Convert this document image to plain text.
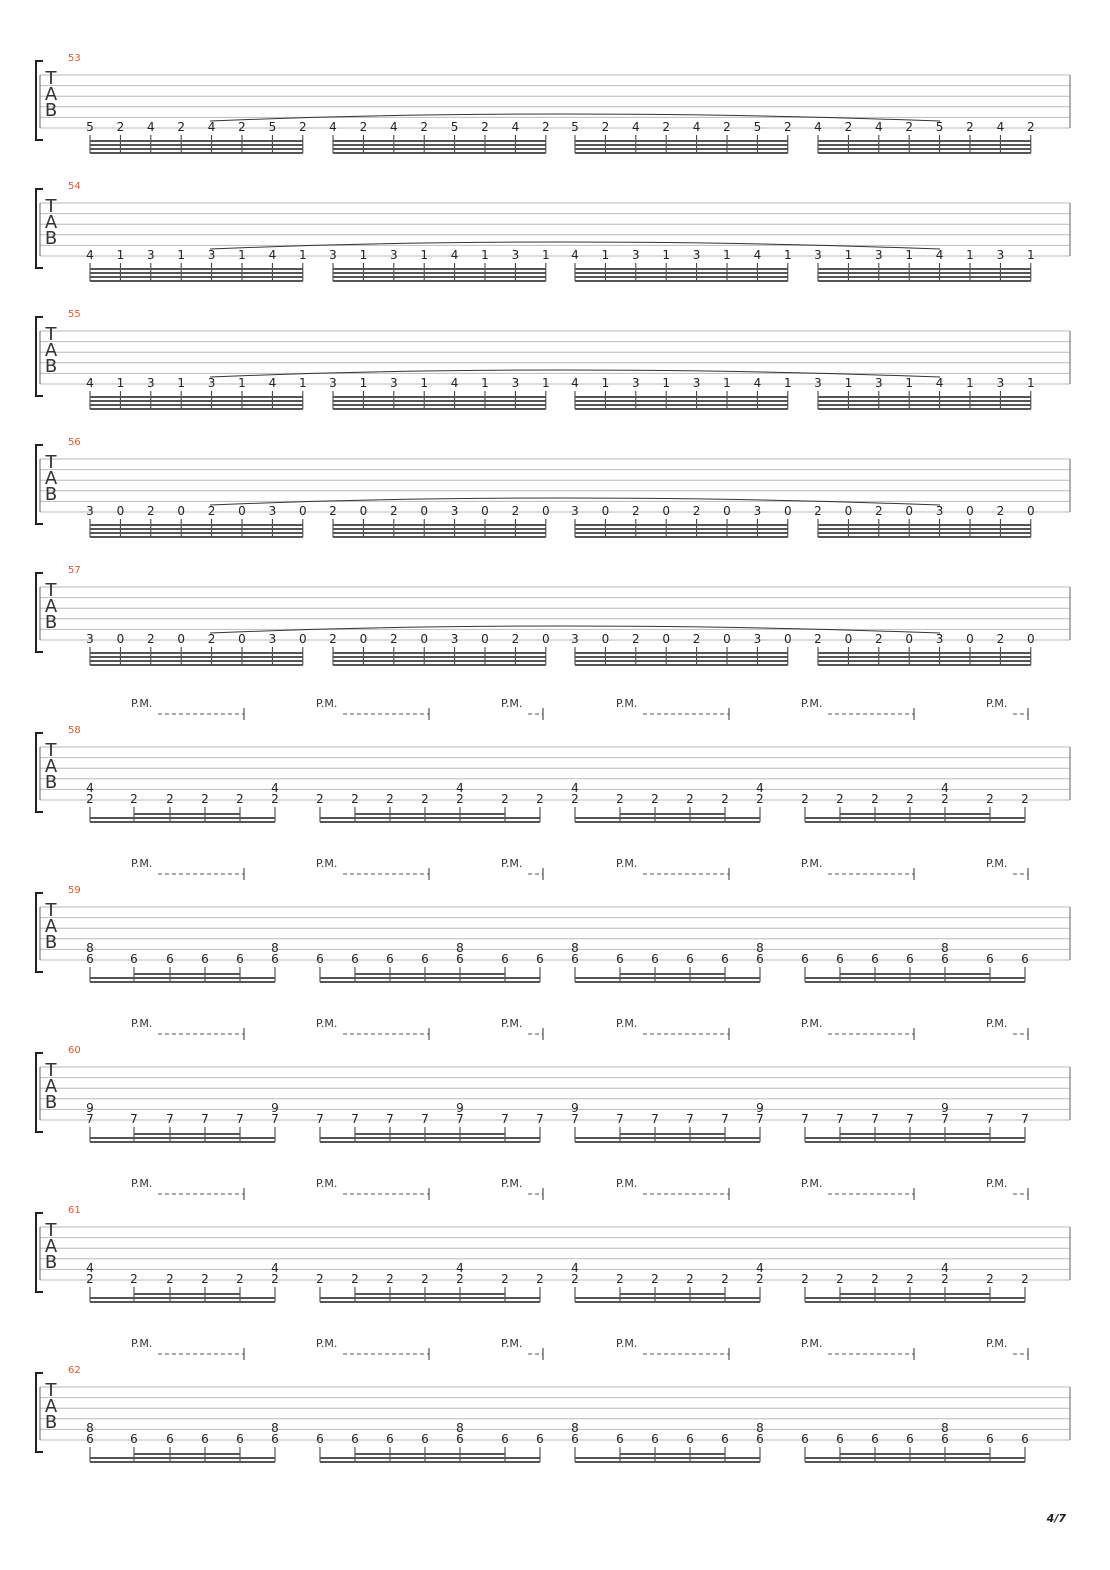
53
T
A
B
5 2 4 2 4 2 5 2 4 2 4 2 5 2 4 2 5 2 4 2 4 2 5 2 4 2 4 2 5 2 4 2
54
T
A
B
4 1 3 1 3 1 4 1 3 1 3 1 4 1 3 1 4 1 3 1 3 1 4 1 3 1 3 1 4 1 3 1
55
T
A
B
4 1 3 1 3 1 4 1 3 1 3 1 4 1 3 1 4 1 3 1 3 1 4 1 3 1 3 1 4 1 3 1
56
T
A
B
3 0 2 0 2 0 3 0 2 0 2 0 3 0 2 0 3 0 2 0 2 0 3 0 2 0 2 0 3 0 2 0
57
T
A
B
3 0 2 0 2 0 3 0 2 0 2 0 3 0 2 0 3 0 2 0 2 0 3 0 2 0 2 0 3 0 2 0
58
T
A
B
P.M.	P.M.	P.M.	P.M.	P.M.	P.M.
2
4
2 2 2 2 2
4
2 2 2 2 2
4
2 2 2
4
2 2 2 2 2
4
2 2 2 2 2
4
2 2
59
T
A
B
P.M.	P.M.	P.M.	P.M.	P.M.	P.M.
6
8
6 6 6 6 6
8
6 6 6 6 6
8
6 6 6
8
6 6 6 6 6
8
6 6 6 6 6
8
6 6
60
T
A
B
P.M.	P.M.	P.M.	P.M.	P.M.	P.M.
7
9
7 7 7 7 7
9
7 7 7 7 7
9
7 7 7
9
7 7 7 7 7
9
7 7 7 7 7
9
7 7
61
T
A
B
P.M.	P.M.	P.M.	P.M.	P.M.	P.M.
2
4
2 2 2 2 2
4
2 2 2 2 2
4
2 2 2
4
2 2 2 2 2
4
2 2 2 2 2
4
2 2
62
T
A
B
P.M.	P.M.	P.M.	P.M.	P.M.	P.M.
6
8
6 6 6 6 6
8
6 6 6 6 6
8
6 6 6
8
6 6 6 6 6
8
6 6 6 6 6
8
6 6
4/7
